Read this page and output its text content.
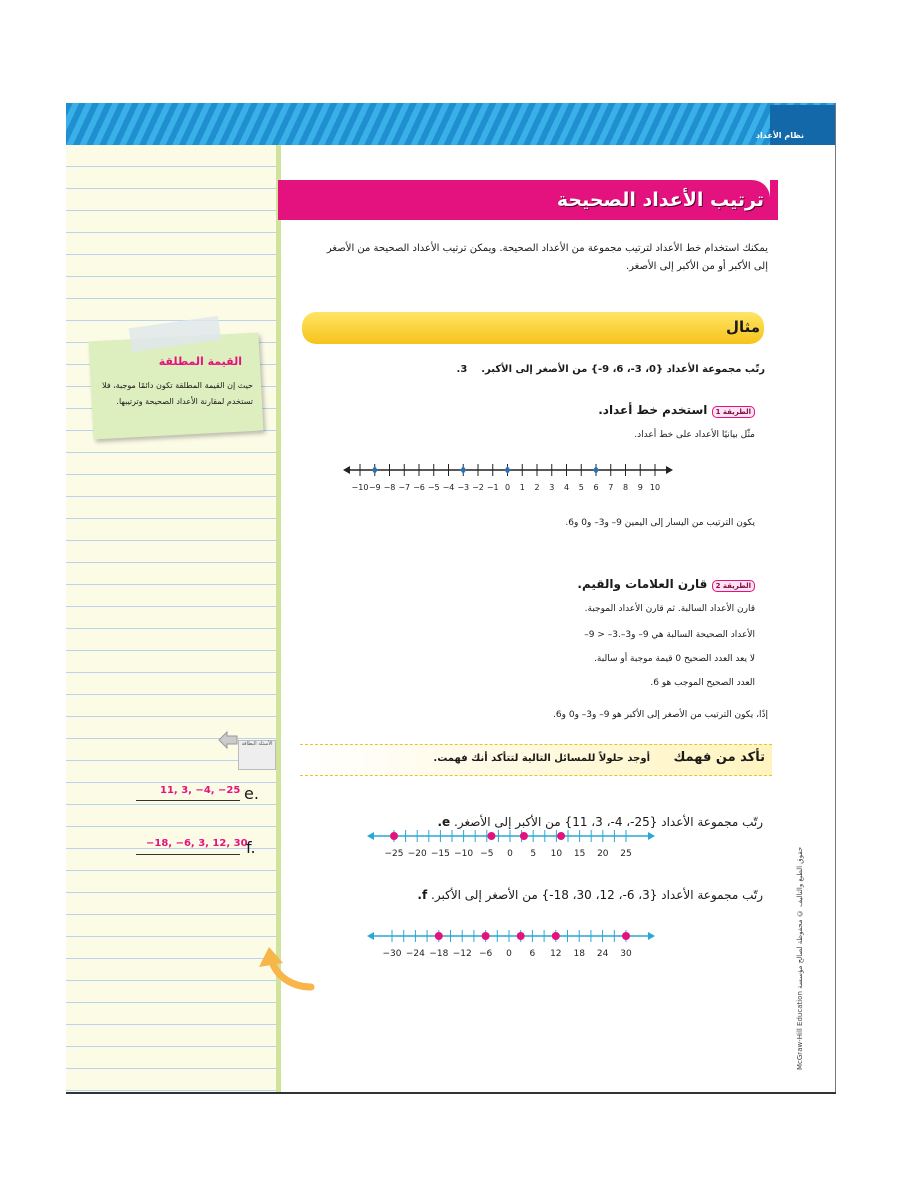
نظام الأعداد
McGraw-Hill Education حقوق الطبع والتأليف © محفوظة لصالح مؤسسة
القيمة المطلقة
حيث إن القيمة المطلقة تكون دائمًا موجبة، فلا تستخدم لمقارنة الأعداد الصحيحة وترتيبها.
ترتيب الأعداد الصحيحة
يمكنك استخدام خط الأعداد لترتيب مجموعة من الأعداد الصحيحة. ويمكن ترتيب الأعداد الصحيحة من الأصغر إلى الأكبر أو من الأكبر إلى الأصغر.
مثال
رتّب مجموعة الأعداد {0، 3-، 6، 9-} من الأصغر إلى الأكبر.    3.
الطريقة 1 استخدم خط أعداد.
مثّل بيانيًا الأعداد على خط أعداد.
−10 −9 −8 −7 −6 −5 −4 −3 −2 −1 0 1 2 3 4 5 6 7 8 9 10
يكون الترتيب من اليسار إلى اليمين 9– و3– و0 و6.
الطريقة 2 قارن العلامات والقيم.
قارن الأعداد السالبة. ثم قارن الأعداد الموجبة.
الأعداد الصحيحة السالبة هي 9– و3–.3– < 9–
لا يعد العدد الصحيح 0 قيمة موجبة أو سالبة.
العدد الصحيح الموجب هو 6.
إذًا، يكون الترتيب من الأصغر إلى الأكبر هو 9– و3– و0 و6.
تأكد من فهمك
أوجد حلولاً للمسائل التالية لتتأكد أنك فهمت.
رتّب مجموعة الأعداد {25-، 4-، 3، 11} من الأكبر إلى الأصغر. e.
−25 −20 −15 −10 −5 0 5 10 15 20 25
رتّب مجموعة الأعداد {3، 6-، 12، 30، 18-} من الأصغر إلى الأكبر. f.
−30 −24 −18 −12 −6 0 6 12 18 24 30
11, 3, −4, −25 e.
−18, −6, 3, 12, 30
f.
الأسئلة البطاقة
